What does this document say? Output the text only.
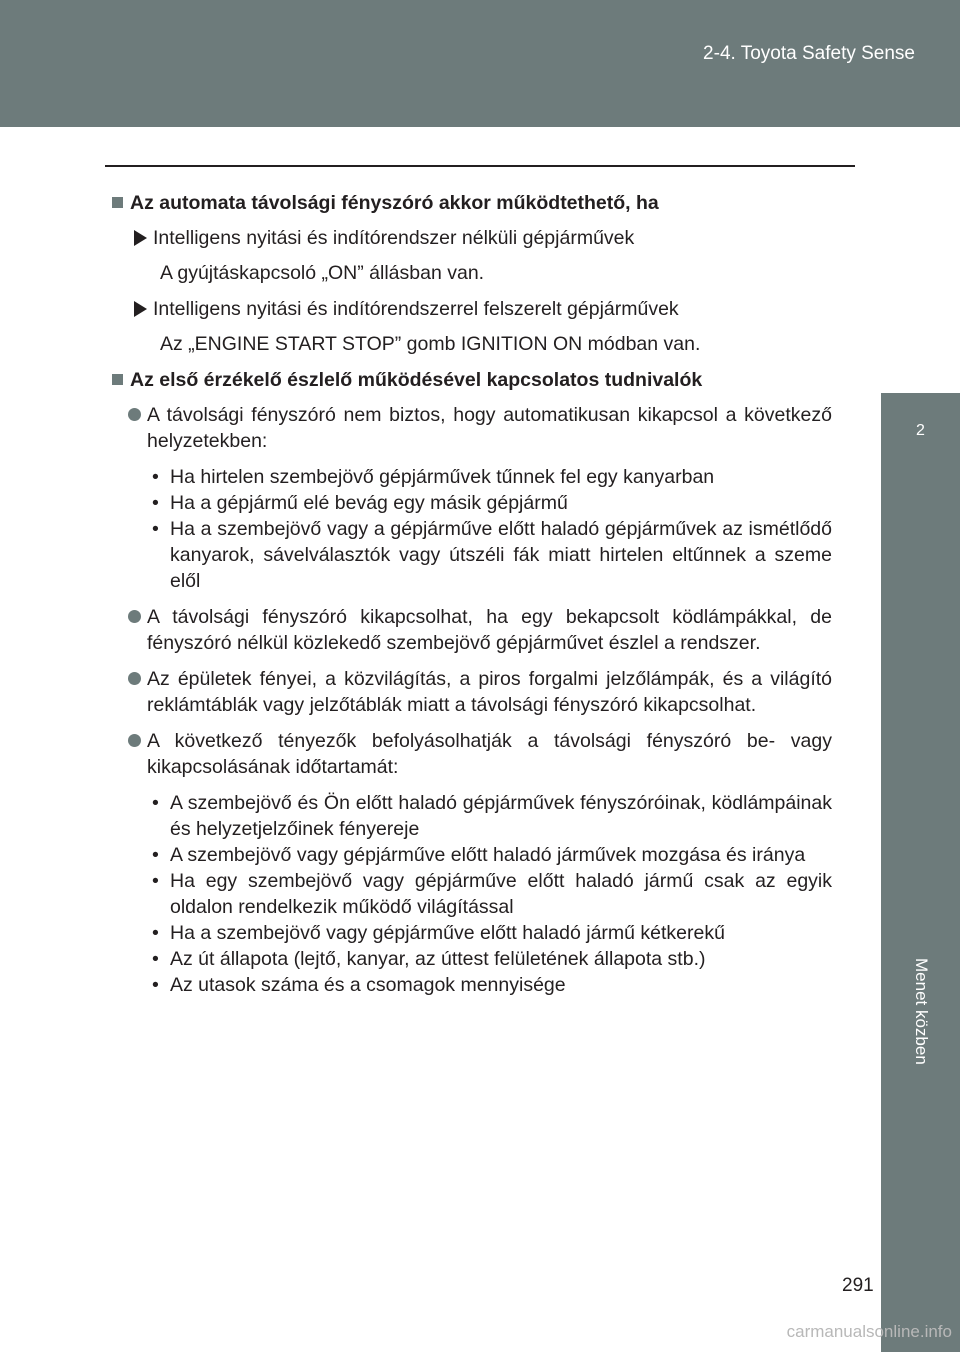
2-4. Toyota Safety Sense
2
Menet közben
Az automata távolsági fényszóró akkor működtethető, ha
Intelligens nyitási és indítórendszer nélküli gépjárművek
A gyújtáskapcsoló „ON” állásban van.
Intelligens nyitási és indítórendszerrel felszerelt gépjárművek
Az „ENGINE START STOP” gomb IGNITION ON módban van.
Az első érzékelő észlelő működésével kapcsolatos tudnivalók
A távolsági fényszóró nem biztos, hogy automatikusan kikapcsol a következő helyzetekben:
• Ha hirtelen szembejövő gépjárművek tűnnek fel egy kanyarban
• Ha a gépjármű elé bevág egy másik gépjármű
• Ha a szembejövő vagy a gépjárműve előtt haladó gépjárművek az ismétlődő kanyarok, sávelválasztók vagy útszéli fák miatt hirtelen eltűnnek a szeme elől
A távolsági fényszóró kikapcsolhat, ha egy bekapcsolt ködlámpákkal, de fényszóró nélkül közlekedő szembejövő gépjárművet észlel a rendszer.
Az épületek fényei, a közvilágítás, a piros forgalmi jelzőlámpák, és a világító reklámtáblák vagy jelzőtáblák miatt a távolsági fényszóró kikapcsolhat.
A következő tényezők befolyásolhatják a távolsági fényszóró be- vagy kikapcsolásának időtartamát:
• A szembejövő és Ön előtt haladó gépjárművek fényszóróinak, ködlámpáinak és helyzetjelzőinek fényereje
• A szembejövő vagy gépjárműve előtt haladó járművek mozgása és iránya
• Ha egy szembejövő vagy gépjárműve előtt haladó jármű csak az egyik oldalon rendelkezik működő világítással
• Ha a szembejövő vagy gépjárműve előtt haladó jármű kétkerekű
• Az út állapota (lejtő, kanyar, az úttest felületének állapota stb.)
• Az utasok száma és a csomagok mennyisége
291
carmanualsonline.info
